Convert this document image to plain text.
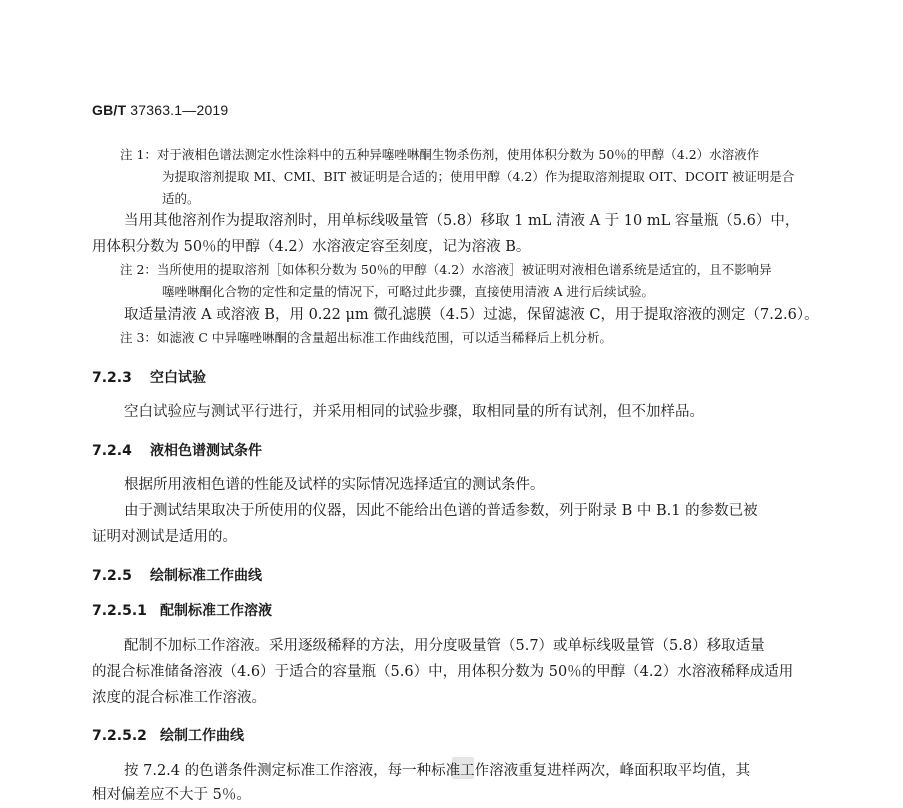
GB/T 37363.1—2019
注 1：对于液相色谱法测定水性涂料中的五种异噻唑啉酮生物杀伤剂，使用体积分数为 50％的甲醇（4.2）水溶液作
为提取溶剂提取 MI、CMI、BIT 被证明是合适的；使用甲醇（4.2）作为提取溶剂提取 OIT、DCOIT 被证明是合
适的。
当用其他溶剂作为提取溶剂时，用单标线吸量管（5.8）移取 1 mL 清液 A 于 10 mL 容量瓶（5.6）中，
用体积分数为 50％的甲醇（4.2）水溶液定容至刻度，记为溶液 B。
注 2：当所使用的提取溶剂［如体积分数为 50％的甲醇（4.2）水溶液］被证明对液相色谱系统是适宜的，且不影响异
噻唑啉酮化合物的定性和定量的情况下，可略过此步骤，直接使用清液 A 进行后续试验。
取适量清液 A 或溶液 B，用 0.22 μm 微孔滤膜（4.5）过滤，保留滤液 C，用于提取溶液的测定（7.2.6）。
注 3：如滤液 C 中异噻唑啉酮的含量超出标准工作曲线范围，可以适当稀释后上机分析。
7.2.3 空白试验
空白试验应与测试平行进行，并采用相同的试验步骤，取相同量的所有试剂，但不加样品。
7.2.4 液相色谱测试条件
根据所用液相色谱的性能及试样的实际情况选择适宜的测试条件。
由于测试结果取决于所使用的仪器，因此不能给出色谱的普适参数，列于附录 B 中 B.1 的参数已被
证明对测试是适用的。
7.2.5 绘制标准工作曲线
7.2.5.1 配制标准工作溶液
配制不加标工作溶液。采用逐级稀释的方法，用分度吸量管（5.7）或单标线吸量管（5.8）移取适量
的混合标准储备溶液（4.6）于适合的容量瓶（5.6）中，用体积分数为 50％的甲醇（4.2）水溶液稀释成适用
浓度的混合标准工作溶液。
7.2.5.2 绘制工作曲线
按 7.2.4 的色谱条件测定标准工作溶液，每一种标准工作溶液重复进样两次，峰面积取平均值，其
相对偏差应不大于 5％。
